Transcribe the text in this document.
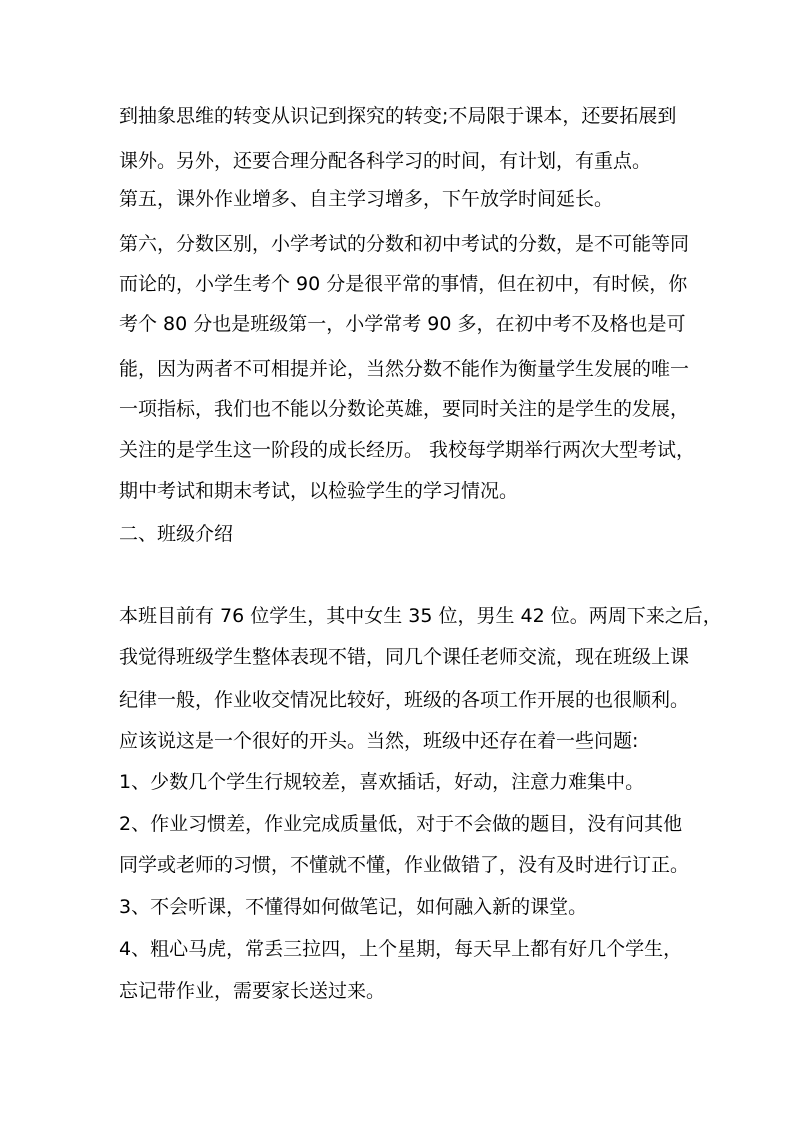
到抽象思维的转变从识记到探究的转变;不局限于课本，还要拓展到

课外。另外，还要合理分配各科学习的时间，有计划，有重点。

第五，课外作业增多、自主学习增多，下午放学时间延长。

第六，分数区别，小学考试的分数和初中考试的分数，是不可能等同

而论的，小学生考个 90 分是很平常的事情，但在初中，有时候，你

考个 80 分也是班级第一，小学常考 90 多，在初中考不及格也是可

能，因为两者不可相提并论，当然分数不能作为衡量学生发展的唯一

一项指标，我们也不能以分数论英雄，要同时关注的是学生的发展，

关注的是学生这一阶段的成长经历。 我校每学期举行两次大型考试，

期中考试和期末考试，以检验学生的学习情况。

二、班级介绍

本班目前有 76 位学生，其中女生 35 位，男生 42 位。两周下来之后，

我觉得班级学生整体表现不错，同几个课任老师交流，现在班级上课

纪律一般，作业收交情况比较好，班级的各项工作开展的也很顺利。

应该说这是一个很好的开头。当然，班级中还存在着一些问题:

1、少数几个学生行规较差，喜欢插话，好动，注意力难集中。

2、作业习惯差，作业完成质量低，对于不会做的题目，没有问其他

同学或老师的习惯，不懂就不懂，作业做错了，没有及时进行订正。

3、不会听课，不懂得如何做笔记，如何融入新的课堂。

4、粗心马虎，常丢三拉四，上个星期，每天早上都有好几个学生，

忘记带作业，需要家长送过来。
